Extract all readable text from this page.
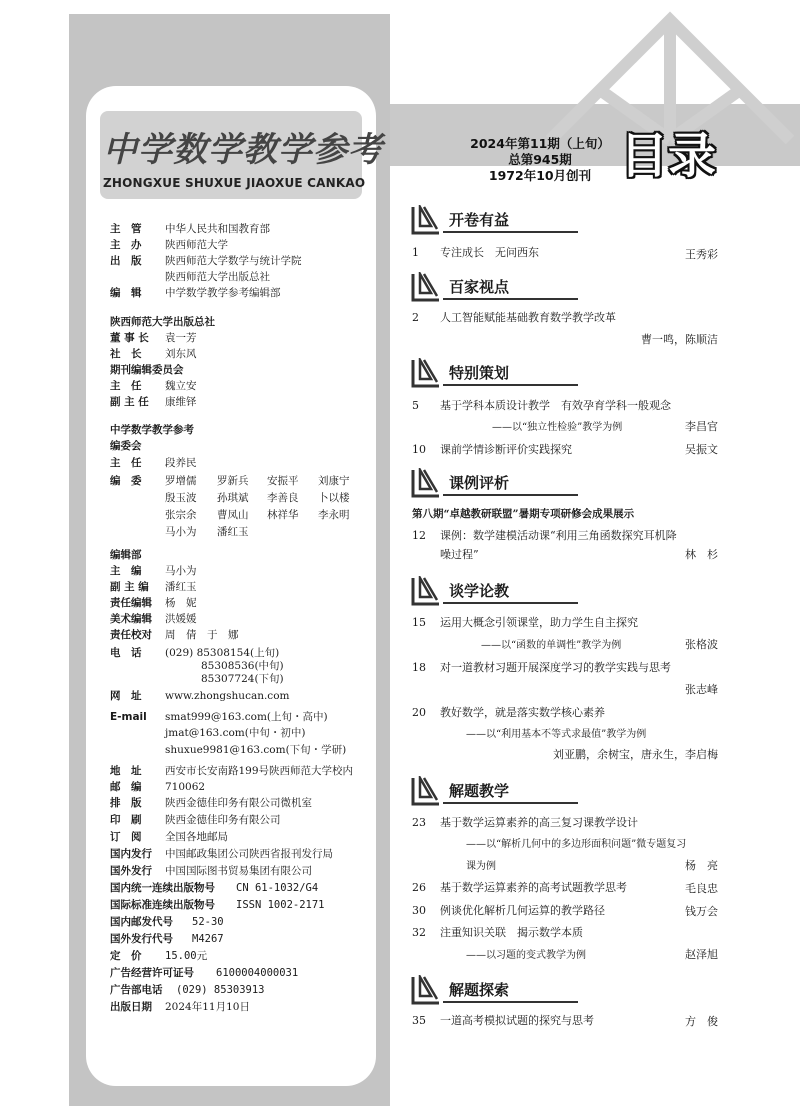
中学数学教学参考
ZHONGXUE SHUXUE JIAOXUE CANKAO
2024年第11期（上旬）
总第945期
1972年10月创刊 目录
主　管 中华人民共和国教育部
主　办 陕西师范大学
出　版 陕西师范大学数学与统计学院
陕西师范大学出版总社
编　辑 中学数学教学参考编辑部
陕西师范大学出版总社
董 事 长 袁一芳
社　长 刘东风
期刊编辑委员会
主　任 魏立安
副 主 任 康维铎
中学数学教学参考
编委会
主　任 段养民
编　委 罗增儒 罗新兵 安振平 刘康宁
殷玉波 孙琪斌 李善良 卜以楼
张宗余 曹凤山 林祥华 李永明
马小为 潘红玉
编辑部
主　编 马小为
副 主 编 潘红玉
责任编辑 杨　妮
美术编辑 洪媛媛
责任校对 周　倩　于　娜
电　话 (029) 85308154(上旬)
85308536(中旬)
85307724(下旬)
网　址 www.zhongshucan.com
E-mail smat999@163.com(上旬・高中)
jmat@163.com(中旬・初中)
shuxue9981@163.com(下旬・学研)
地　址 西安市长安南路199号陕西师范大学校内
邮　编 710062
排　版 陕西金德佳印务有限公司微机室
印　刷 陕西金德佳印务有限公司
订　阅 全国各地邮局
国内发行 中国邮政集团公司陕西省报刊发行局
国外发行 中国国际图书贸易集团有限公司
国内统一连续出版物号 CN 61-1032/G4
国际标准连续出版物号 ISSN 1002-2171
国内邮发代号 52-30
国外发行代号 M4267
定　价 15.00元
广告经营许可证号 6100004000031
广告部电话 (029) 85303913
出版日期 2024年11月10日
开卷有益
1	专注成长　无问西东	王秀彩
百家视点
2	人工智能赋能基础教育数学教学改革
曹一鸣，陈顺洁
特别策划
5	基于学科本质设计教学　有效孕育学科一般观念
——以“独立性检验”教学为例	李昌官
10	课前学情诊断评价实践探究	吴振文
课例评析
第八期“卓越教研联盟”暑期专项研修会成果展示
12	课例：数学建模活动课“利用三角函数探究耳机降
噪过程”	林　杉
谈学论教
15	运用大概念引领课堂，助力学生自主探究
——以“函数的单调性”教学为例	张格波
18	对一道教材习题开展深度学习的教学实践与思考
张志峰
20	教好数学，就是落实数学核心素养
——以“利用基本不等式求最值”教学为例
刘亚鹏，余树宝，唐永生，李启梅
解题教学
23	基于数学运算素养的高三复习课教学设计
——以“解析几何中的多边形面积问题”微专题复习
课为例	杨　亮
26	基于数学运算素养的高考试题教学思考	毛良忠
30	例谈优化解析几何运算的教学路径	钱万会
32	注重知识关联　揭示数学本质
——以习题的变式教学为例	赵泽旭
解题探索
35	一道高考模拟试题的探究与思考	方　俊
